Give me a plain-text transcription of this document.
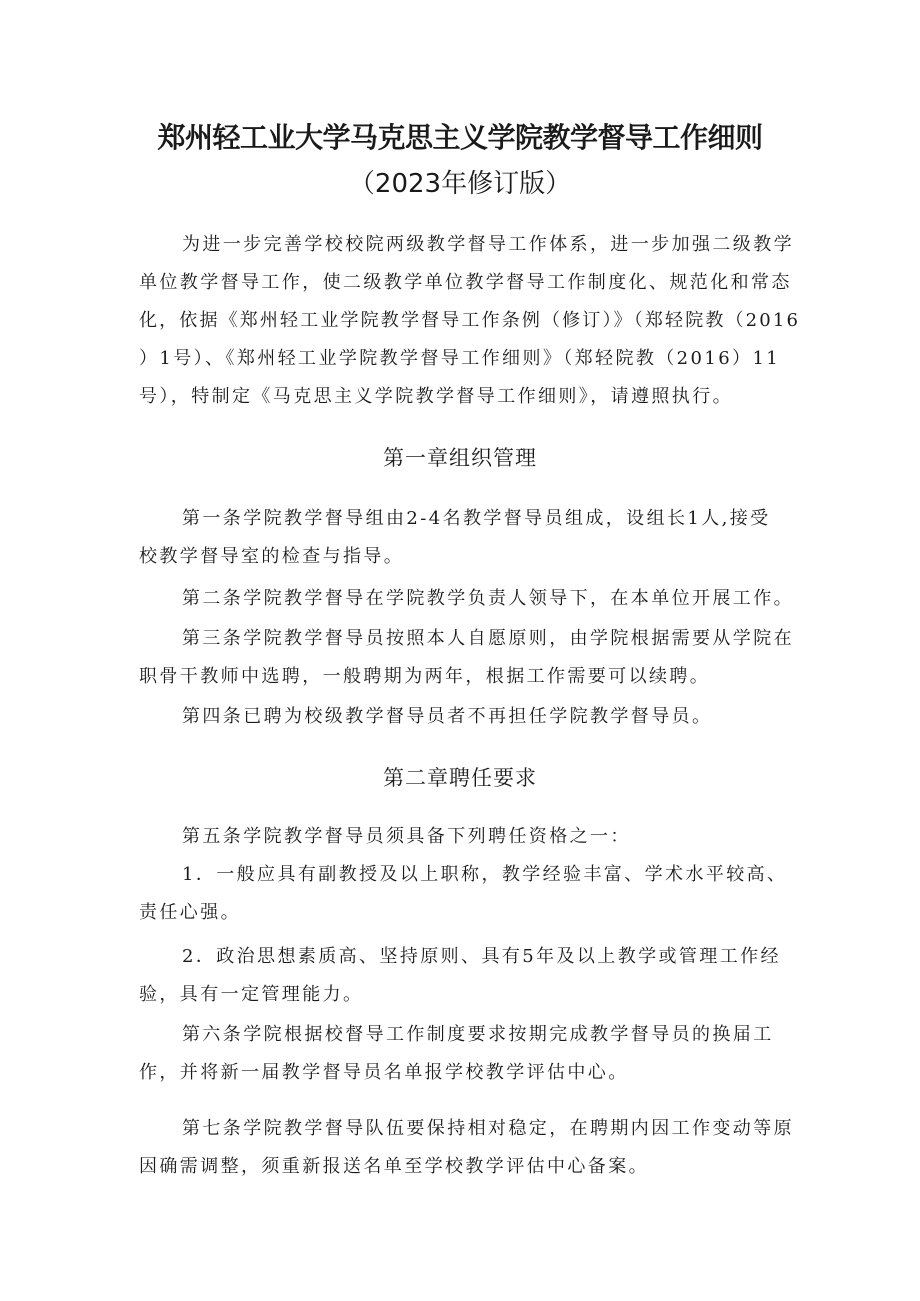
郑州轻工业大学马克思主义学院教学督导工作细则
（2023年修订版）
为进一步完善学校校院两级教学督导工作体系，进一步加强二级教学
单位教学督导工作，使二级教学单位教学督导工作制度化、规范化和常态
化，依据《郑州轻工业学院教学督导工作条例（修订）》（郑轻院教（2016
）1号）、《郑州轻工业学院教学督导工作细则》（郑轻院教（2016）11
号），特制定《马克思主义学院教学督导工作细则》，请遵照执行。
第一章组织管理
第一条学院教学督导组由2-4名教学督导员组成，设组长1人,接受
校教学督导室的检查与指导。
第二条学院教学督导在学院教学负责人领导下，在本单位开展工作。
第三条学院教学督导员按照本人自愿原则，由学院根据需要从学院在
职骨干教师中选聘，一般聘期为两年，根据工作需要可以续聘。
第四条已聘为校级教学督导员者不再担任学院教学督导员。
第二章聘任要求
第五条学院教学督导员须具备下列聘任资格之一：
1．一般应具有副教授及以上职称，教学经验丰富、学术水平较高、
责任心强。
2．政治思想素质高、坚持原则、具有5年及以上教学或管理工作经
验，具有一定管理能力。
第六条学院根据校督导工作制度要求按期完成教学督导员的换届工
作，并将新一届教学督导员名单报学校教学评估中心。
第七条学院教学督导队伍要保持相对稳定，在聘期内因工作变动等原
因确需调整，须重新报送名单至学校教学评估中心备案。
